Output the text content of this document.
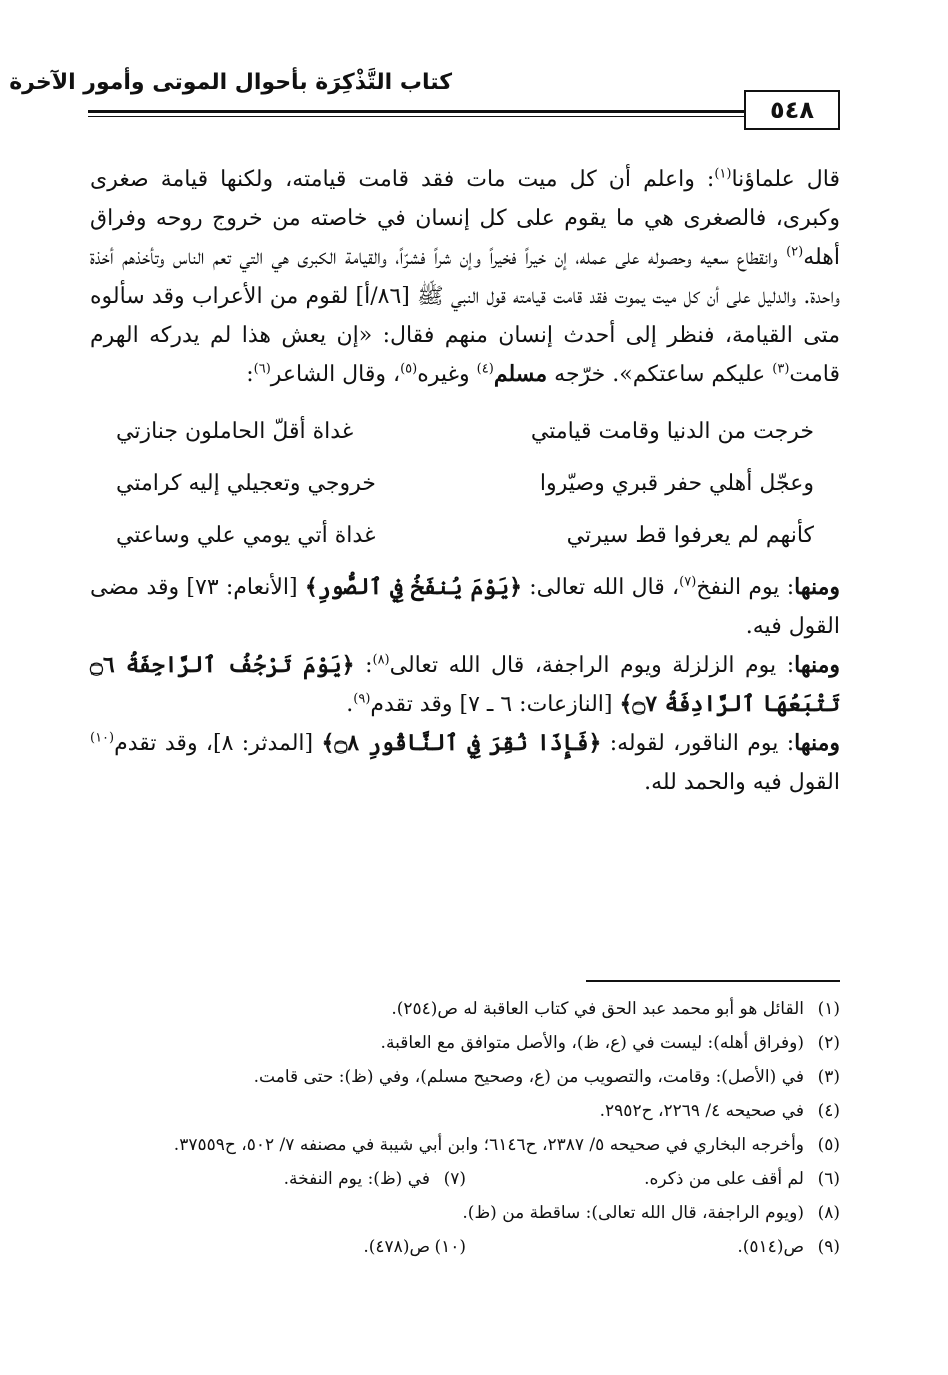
كتاب التَّذْكِرَة بأحوال الموتى وأمور الآخرة
٥٤٨

قال علماؤنا$^{(١)}$: واعلم أن كل ميت مات فقد قامت قيامته، ولكنها قيامة صغرى وكبرى، فالصغرى هي ما يقوم على كل إنسان في خاصته من خروج روحه وفراق أهله$^{(٢)}$ وانقطاع سعيه وحصوله على عمله، إن خيراً فخيراً وإن شراً فشرّاً، والقيامة الكبرى هي التي تعم الناس وتأخذهم أخذة واحدة. والدليل على أن كل ميت يموت فقد قامت قيامته قول النبي ﷺ [٨٦/أ] لقوم من الأعراب وقد سألوه متى القيامة، فنظر إلى أحدث إنسان منهم فقال: «إن يعش هذا لم يدركه الهرم قامت$^{(٣)}$ عليكم ساعتكم». خرّجه مسلم$^{(٤)}$ وغيره$^{(٥)}$، وقال الشاعر$^{(٦)}$:

خرجت من الدنيا وقامت قيامتي
غداة أقلّ الحاملون جنازتي
وعجّل أهلي حفر قبري وصيّروا
خروجي وتعجيلي إليه كرامتي
كأنهم لم يعرفوا قط سيرتي
غداة أتي يومي علي وساعتي

ومنها: يوم النفخ$^{(٧)}$، قال الله تعالى: ﴿يَوْمَ يُنفَخُ فِي ٱلصُّورِ﴾ [الأنعام: ٧٣] وقد مضى القول فيه.

ومنها: يوم الزلزلة ويوم الراجفة، قال الله تعالى$^{(٨)}$: ﴿يَوْمَ تَرْجُفُ ٱلرَّاجِفَةُ ۝٦ تَتْبَعُهَا ٱلرَّادِفَةُ ۝٧﴾ [النازعات: ٦ ـ ٧] وقد تقدم$^{(٩)}$.

ومنها: يوم الناقور، لقوله: ﴿فَإِذَا نُقِرَ فِي ٱلنَّاقُورِ ۝٨﴾ [المدثر: ٨]، وقد تقدم$^{(١٠)}$ القول فيه والحمد لله.

(١)
القائل هو أبو محمد عبد الحق في كتاب العاقبة له ص(٢٥٤).
(٢)
(وفراق أهله): ليست في (ع، ظ)، والأصل متوافق مع العاقبة.
(٣)
في (الأصل): وقامت، والتصويب من (ع، وصحيح مسلم)، وفي (ظ): حتى قامت.
(٤)
في صحيحه ٤/ ٢٢٦٩، ح٢٩٥٢.
(٥)
وأخرجه البخاري في صحيحه ٥/ ٢٣٨٧، ح٦١٤٦؛ وابن أبي شيبة في مصنفه ٧/ ٥٠٢، ح٣٧٥٥٩.
(٦)
لم أقف على من ذكره.
(٧)
في (ظ): يوم النفخة.
(٨)
(ويوم الراجفة، قال الله تعالى): ساقطة من (ظ).
(٩)
ص(٥١٤).
(١٠)
ص(٤٧٨).
